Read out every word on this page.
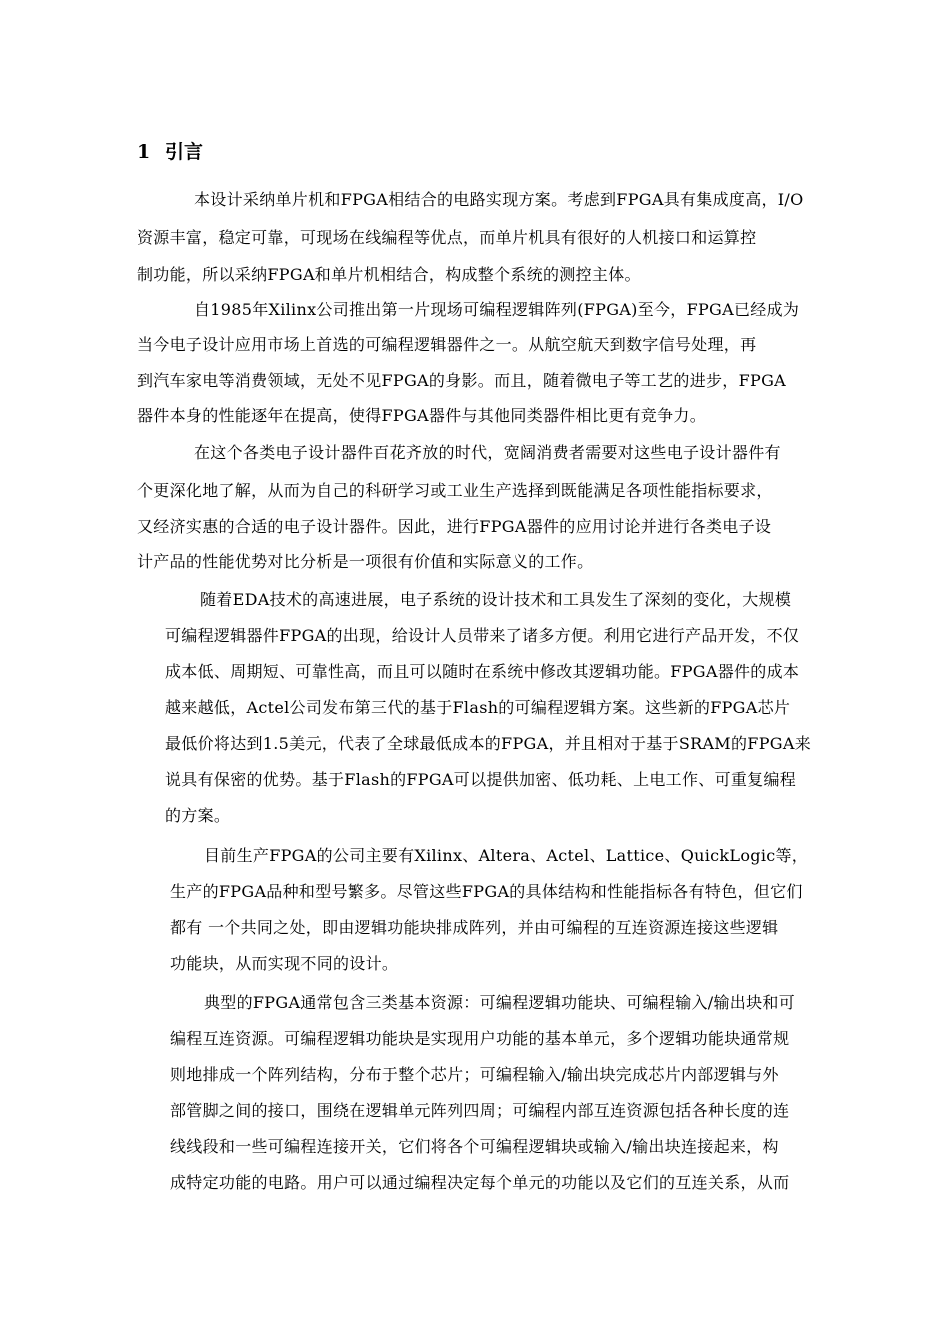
1 引言
本设计采纳单片机和FPGA相结合的电路实现方案。考虑到FPGA具有集成度高，I/O
资源丰富，稳定可靠，可现场在线编程等优点，而单片机具有很好的人机接口和运算控
制功能，所以采纳FPGA和单片机相结合，构成整个系统的测控主体。
自1985年Xilinx公司推出第一片现场可编程逻辑阵列(FPGA)至今，FPGA已经成为
当今电子设计应用市场上首选的可编程逻辑器件之一。从航空航天到数字信号处理，再
到汽车家电等消费领域，无处不见FPGA的身影。而且，随着微电子等工艺的进步，FPGA
器件本身的性能逐年在提高，使得FPGA器件与其他同类器件相比更有竞争力。
在这个各类电子设计器件百花齐放的时代，宽阔消费者需要对这些电子设计器件有
个更深化地了解，从而为自己的科研学习或工业生产选择到既能满足各项性能指标要求，
又经济实惠的合适的电子设计器件。因此，进行FPGA器件的应用讨论并进行各类电子设
计产品的性能优势对比分析是一项很有价值和实际意义的工作。
随着EDA技术的高速进展，电子系统的设计技术和工具发生了深刻的变化，大规模
可编程逻辑器件FPGA的出现，给设计人员带来了诸多方便。利用它进行产品开发，不仅
成本低、周期短、可靠性高，而且可以随时在系统中修改其逻辑功能。FPGA器件的成本
越来越低，Actel公司发布第三代的基于Flash的可编程逻辑方案。这些新的FPGA芯片
最低价将达到1.5美元，代表了全球最低成本的FPGA，并且相对于基于SRAM的FPGA来
说具有保密的优势。基于Flash的FPGA可以提供加密、低功耗、上电工作、可重复编程
的方案。
目前生产FPGA的公司主要有Xilinx、Altera、Actel、Lattice、QuickLogic等，
生产的FPGA品种和型号繁多。尽管这些FPGA的具体结构和性能指标各有特色，但它们
都有 一个共同之处，即由逻辑功能块排成阵列，并由可编程的互连资源连接这些逻辑
功能块，从而实现不同的设计。
典型的FPGA通常包含三类基本资源：可编程逻辑功能块、可编程输入/输出块和可
编程互连资源。可编程逻辑功能块是实现用户功能的基本单元，多个逻辑功能块通常规
则地排成一个阵列结构，分布于整个芯片；可编程输入/输出块完成芯片内部逻辑与外
部管脚之间的接口，围绕在逻辑单元阵列四周；可编程内部互连资源包括各种长度的连
线线段和一些可编程连接开关，它们将各个可编程逻辑块或输入/输出块连接起来，构
成特定功能的电路。用户可以通过编程决定每个单元的功能以及它们的互连关系，从而
